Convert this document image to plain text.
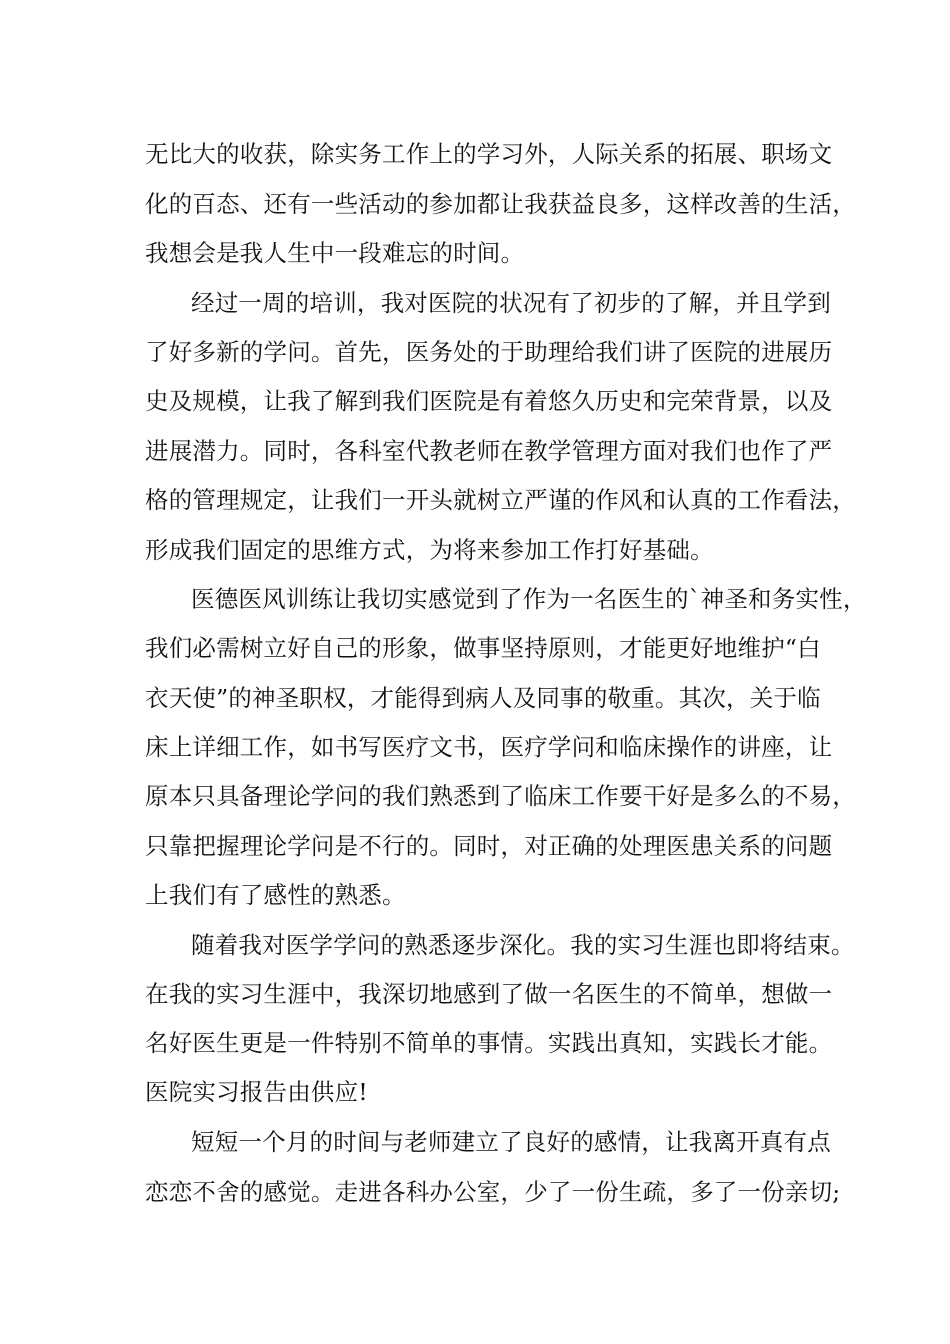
无比大的收获，除实务工作上的学习外，人际关系的拓展、职场文
化的百态、还有一些活动的参加都让我获益良多，这样改善的生活，
我想会是我人生中一段难忘的时间。
经过一周的培训，我对医院的状况有了初步的了解，并且学到
了好多新的学问。首先，医务处的于助理给我们讲了医院的进展历
史及规模，让我了解到我们医院是有着悠久历史和完荣背景，以及
进展潜力。同时，各科室代教老师在教学管理方面对我们也作了严
格的管理规定，让我们一开头就树立严谨的作风和认真的工作看法，
形成我们固定的思维方式，为将来参加工作打好基础。
医德医风训练让我切实感觉到了作为一名医生的`神圣和务实性，
我们必需树立好自己的形象，做事坚持原则，才能更好地维护“白
衣天使”的神圣职权，才能得到病人及同事的敬重。其次，关于临
床上详细工作，如书写医疗文书，医疗学问和临床操作的讲座，让
原本只具备理论学问的我们熟悉到了临床工作要干好是多么的不易，
只靠把握理论学问是不行的。同时，对正确的处理医患关系的问题
上我们有了感性的熟悉。
随着我对医学学问的熟悉逐步深化。我的实习生涯也即将结束。
在我的实习生涯中，我深切地感到了做一名医生的不简单，想做一
名好医生更是一件特别不简单的事情。实践出真知，实践长才能。
医院实习报告由供应!
短短一个月的时间与老师建立了良好的感情，让我离开真有点
恋恋不舍的感觉。走进各科办公室，少了一份生疏，多了一份亲切;
